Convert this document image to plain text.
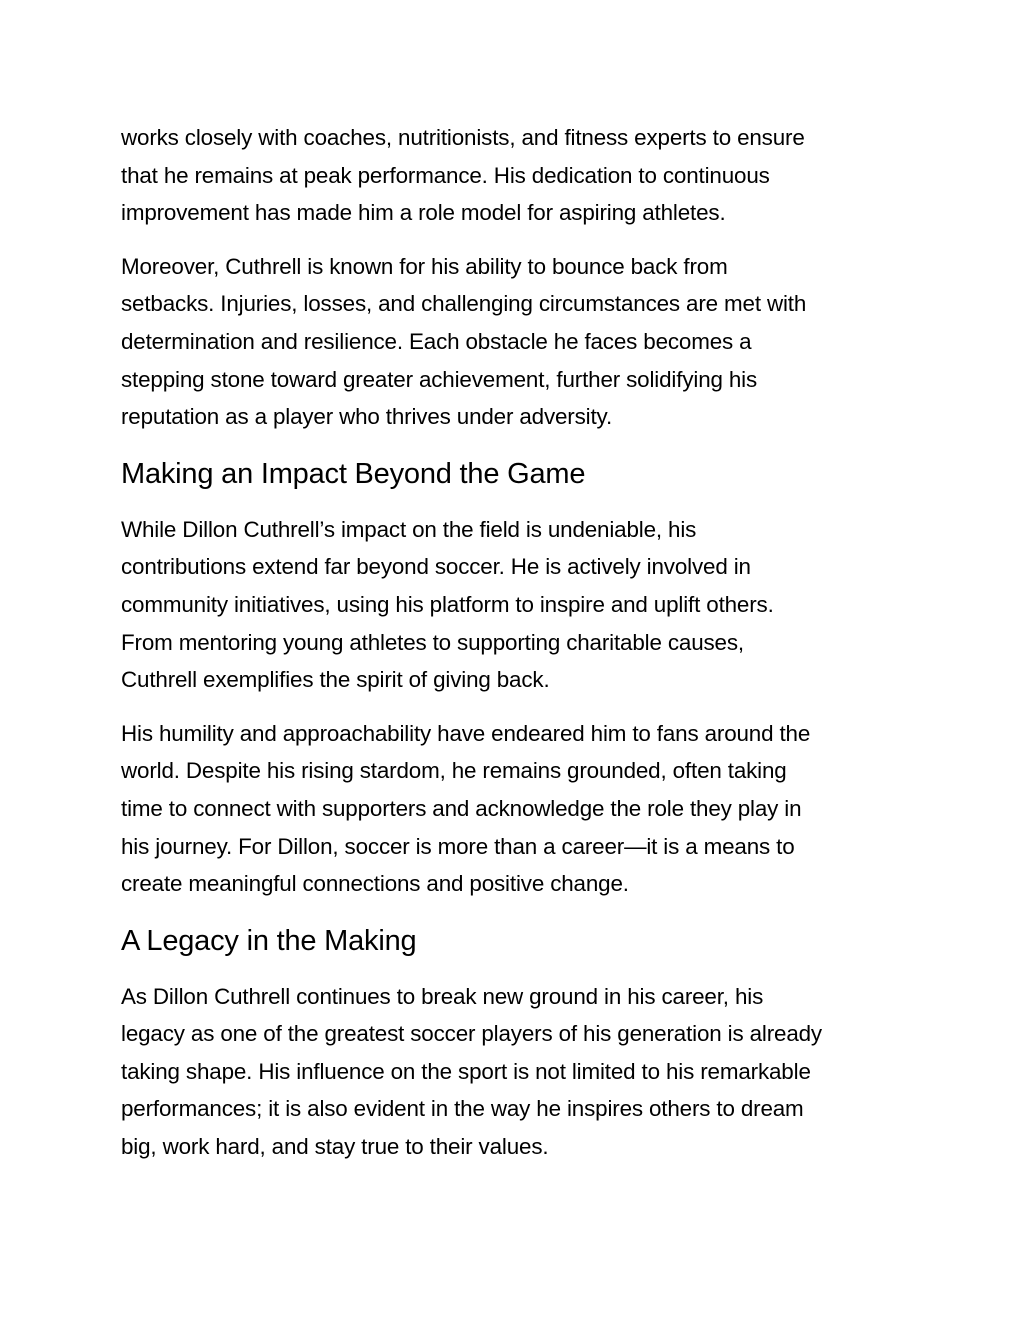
works closely with coaches, nutritionists, and fitness experts to ensure
that he remains at peak performance. His dedication to continuous
improvement has made him a role model for aspiring athletes.

Moreover, Cuthrell is known for his ability to bounce back from
setbacks. Injuries, losses, and challenging circumstances are met with
determination and resilience. Each obstacle he faces becomes a
stepping stone toward greater achievement, further solidifying his
reputation as a player who thrives under adversity.

Making an Impact Beyond the Game

While Dillon Cuthrell’s impact on the field is undeniable, his
contributions extend far beyond soccer. He is actively involved in
community initiatives, using his platform to inspire and uplift others.
From mentoring young athletes to supporting charitable causes,
Cuthrell exemplifies the spirit of giving back.

His humility and approachability have endeared him to fans around the
world. Despite his rising stardom, he remains grounded, often taking
time to connect with supporters and acknowledge the role they play in
his journey. For Dillon, soccer is more than a career—it is a means to
create meaningful connections and positive change.

A Legacy in the Making

As Dillon Cuthrell continues to break new ground in his career, his
legacy as one of the greatest soccer players of his generation is already
taking shape. His influence on the sport is not limited to his remarkable
performances; it is also evident in the way he inspires others to dream
big, work hard, and stay true to their values.
